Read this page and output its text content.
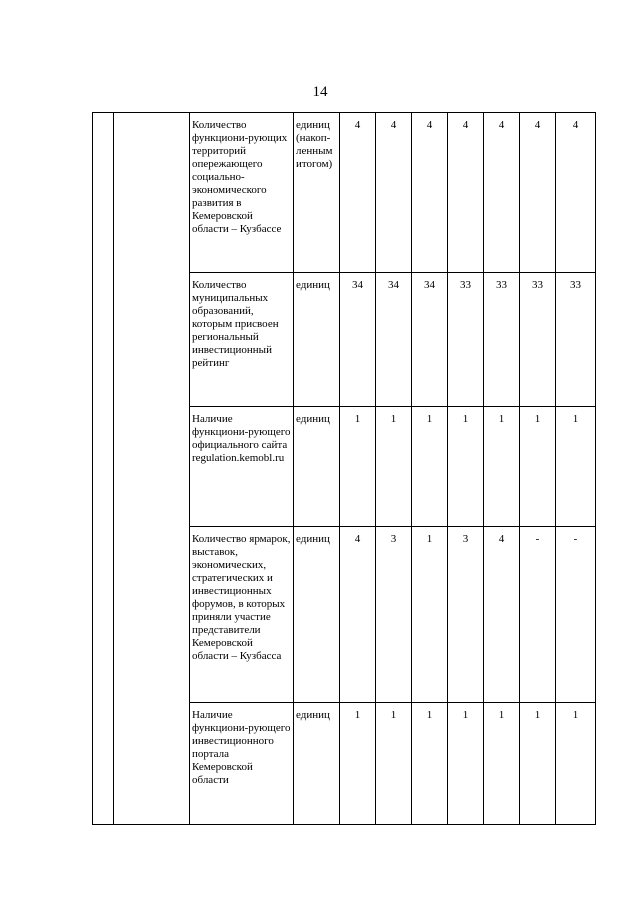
14
		Количество функциони-рующих территорий опережающего социально-экономического развития в Кемеровской области – Кузбассе	единиц (накоп-ленным итогом)	4	4	4	4	4	4	4
		Количество муниципальных образований, которым присвоен региональный инвестиционный рейтинг	единиц	34	34	34	33	33	33	33
		Наличие функциони-рующего официального сайта regulation.kemobl.ru	единиц	1	1	1	1	1	1	1
		Количество ярмарок, выставок, экономических, стратегических и инвестиционных форумов, в которых приняли участие представители Кемеровской области – Кузбасса	единиц	4	3	1	3	4	-	-
		Наличие функциони-рующего инвестиционного портала Кемеровской области	единиц	1	1	1	1	1	1	1
